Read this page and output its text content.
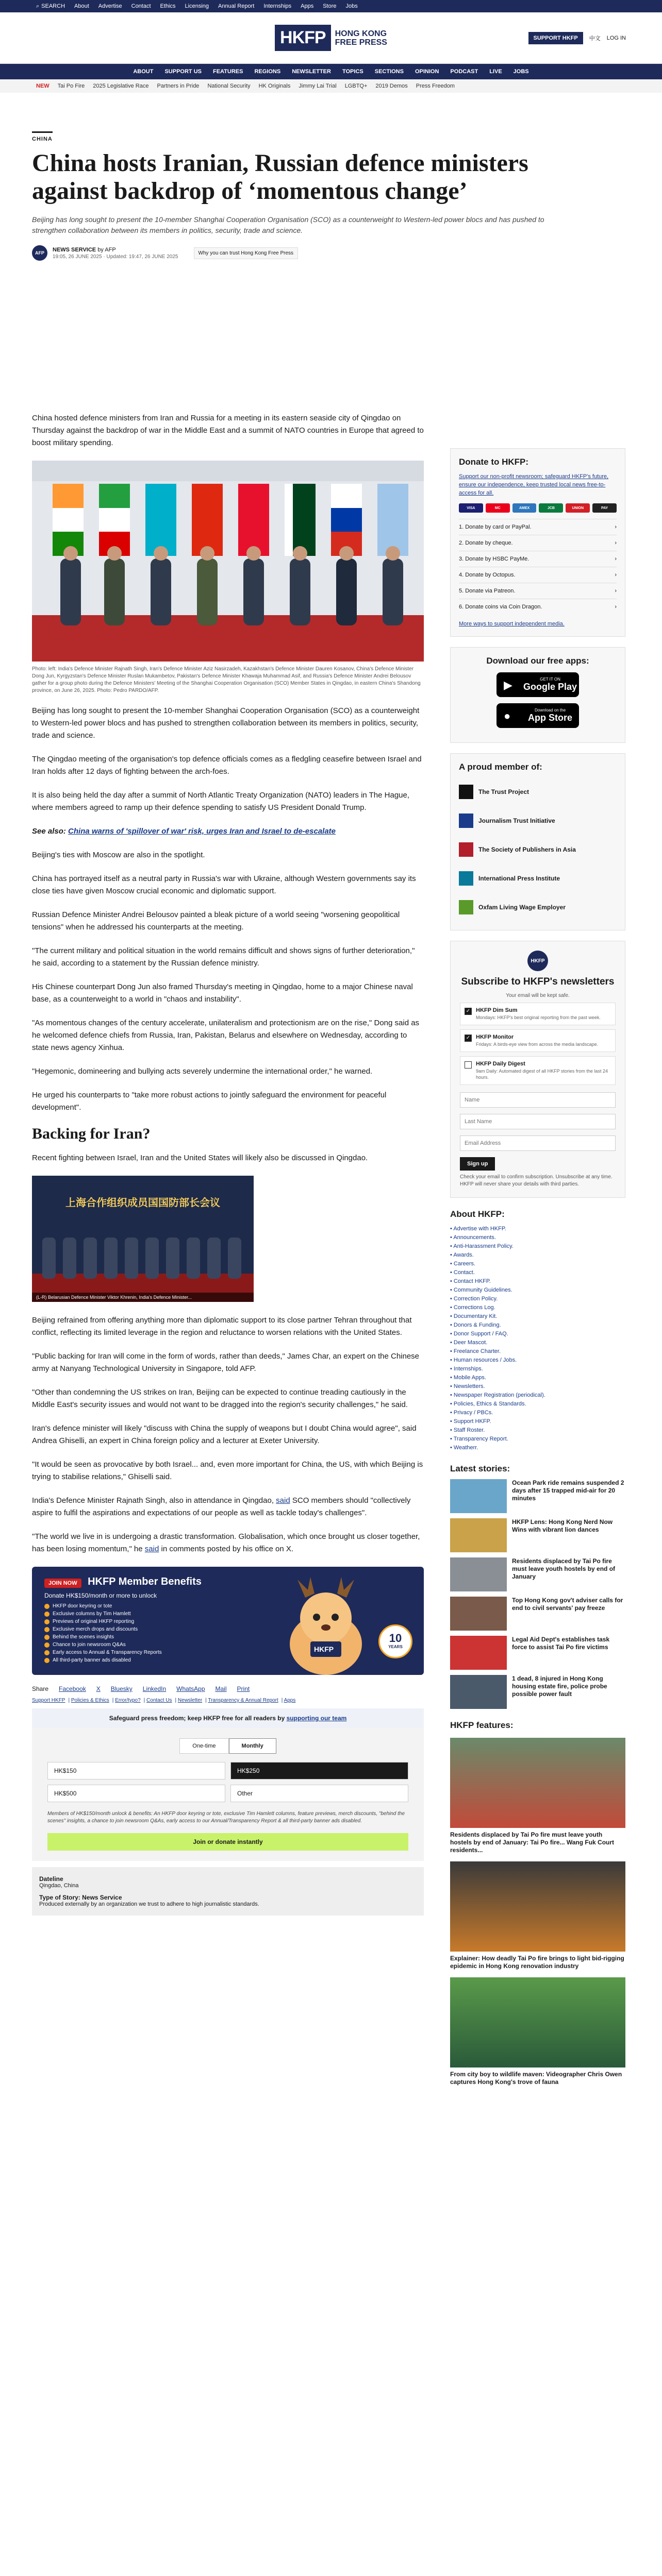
⌕ SEARCH About Advertise Contact Ethics Licensing Annual Report Internships Apps Store Jobs
HKFP	HONG KONG
FREE PRESS	SUPPORT HKFP	中文 LOG IN
ABOUT SUPPORT US FEATURES REGIONS NEWSLETTER TOPICS SECTIONS OPINION PODCAST LIVE JOBS
NEW Tai Po Fire 2025 Legislative Race Partners in Pride National Security HK Originals Jimmy Lai Trial LGBTQ+ 2019 Demos Press Freedom
CHINA
China hosts Iranian, Russian defence ministers against backdrop of ‘momentous change’
Beijing has long sought to present the 10-member Shanghai Cooperation Organisation (SCO) as a counterweight to Western-led power blocs and has pushed to strengthen collaboration between its members in politics, security, trade and science.
AFP
NEWS SERVICE by AFP
19:05, 26 JUNE 2025 · Updated: 19:47, 26 JUNE 2025
Why you can trust Hong Kong Free Press

China hosted defence ministers from Iran and Russia for a meeting in its eastern seaside city of Qingdao on Thursday against the backdrop of war in the Middle East and a summit of NATO countries in Europe that agreed to boost military spending.

Photo: left: India's Defence Minister Rajnath Singh, Iran's Defence Minister Aziz Nasirzadeh, Kazakhstan's Defence Minister Dauren Kosanov, China's Defence Minister Dong Jun, Kyrgyzstan's Defence Minister Ruslan Mukambetov, Pakistan's Defence Minister Khawaja Muhammad Asif, and Russia's Defence Minister Andrei Belousov gather for a group photo during the Defence Ministers' Meeting of the Shanghai Cooperation Organisation (SCO) Member States in Qingdao, in eastern China's Shandong province, on June 26, 2025. Photo: Pedro PARDO/AFP.

Beijing has long sought to present the 10-member Shanghai Cooperation Organisation (SCO) as a counterweight to Western-led power blocs and has pushed to strengthen collaboration between its members in politics, security, trade and science.

The Qingdao meeting of the organisation's top defence officials comes as a fledgling ceasefire between Israel and Iran holds after 12 days of fighting between the arch-foes.

It is also being held the day after a summit of North Atlantic Treaty Organization (NATO) leaders in The Hague, where members agreed to ramp up their defence spending to satisfy US President Donald Trump.

See also: China warns of 'spillover of war' risk, urges Iran and Israel to de-escalate

Beijing's ties with Moscow are also in the spotlight.

China has portrayed itself as a neutral party in Russia's war with Ukraine, although Western governments say its close ties have given Moscow crucial economic and diplomatic support.

Russian Defence Minister Andrei Belousov painted a bleak picture of a world seeing "worsening geopolitical tensions" when he addressed his counterparts at the meeting.

"The current military and political situation in the world remains difficult and shows signs of further deterioration," he said, according to a statement by the Russian defence ministry.

His Chinese counterpart Dong Jun also framed Thursday's meeting in Qingdao, home to a major Chinese naval base, as a counterweight to a world in "chaos and instability".

"As momentous changes of the century accelerate, unilateralism and protectionism are on the rise," Dong said as he welcomed defence chiefs from Russia, Iran, Pakistan, Belarus and elsewhere on Wednesday, according to state news agency Xinhua.

"Hegemonic, domineering and bullying acts severely undermine the international order," he warned.

He urged his counterparts to "take more robust actions to jointly safeguard the environment for peaceful development".

Backing for Iran?

Recent fighting between Israel, Iran and the United States will likely also be discussed in Qingdao.

上海合作组织成员国国防部长会议
(L-R) Belarusian Defence Minister Viktor Khrenin, India's Defence Minister...

Beijing refrained from offering anything more than diplomatic support to its close partner Tehran throughout that conflict, reflecting its limited leverage in the region and reluctance to worsen relations with the United States.

"Public backing for Iran will come in the form of words, rather than deeds," James Char, an expert on the Chinese army at Nanyang Technological University in Singapore, told AFP.

"Other than condemning the US strikes on Iran, Beijing can be expected to continue treading cautiously in the Middle East's security issues and would not want to be dragged into the region's security challenges," he said.

Iran's defence minister will likely "discuss with China the supply of weapons but I doubt China would agree", said Andrea Ghiselli, an expert in China foreign policy and a lecturer at Exeter University.

"It would be seen as provocative by both Israel... and, even more important for China, the US, with which Beijing is trying to stabilise relations," Ghiselli said.

India's Defence Minister Rajnath Singh, also in attendance in Qingdao, said SCO members should "collectively aspire to fulfil the aspirations and expectations of our people as well as tackle today's challenges".

"The world we live in is undergoing a drastic transformation. Globalisation, which once brought us closer together, has been losing momentum," he said in comments posted by his office on X.

JOIN NOW HKFP Member Benefits
Donate HK$150/month or more to unlock
HKFP door keyring or tote
Exclusive columns by Tim Hamlett
Previews of original HKFP reporting
Exclusive merch drops and discounts
Behind the scenes insights
Chance to join newsroom Q&As
Early access to Annual & Transparency Reports
All third-party banner ads disabled
HKFP
10
YEARS
Share Facebook X Bluesky LinkedIn WhatsApp Mail Print
Support HKFP | Policies & Ethics | Error/typo? | Contact Us | Newsletter | Transparency & Annual Report | Apps
Safeguard press freedom; keep HKFP free for all readers by supporting our team
One-time	Monthly
HK$150	HK$250
HK$500	Other
Members of HK$150/month unlock & benefits: An HKFP door keyring or tote, exclusive Tim Hamlett columns, feature previews, merch discounts, "behind the scenes" insights, a chance to join newsroom Q&As, early access to our Annual/Transparency Report & all third-party banner ads disabled.
Join or donate instantly
Dateline
Qingdao, China
Type of Story: News Service
Produced externally by an organization we trust to adhere to high journalistic standards.
Donate to HKFP:
Support our non-profit newsroom; safeguard HKFP's future, ensure our independence, keep trusted local news free-to-access for all.
VISA	MC	AMEX	JCB	UNION	PAY
1. Donate by card or PayPal.	›
2. Donate by cheque.	›
3. Donate by HSBC PayMe.	›
4. Donate by Octopus.	›
5. Donate via Patreon.	›
6. Donate coins via Coin Dragon.	›
More ways to support independent media.
Download our free apps:
▶	GET IT ON
Google Play
●	Download on the
App Store
A proud member of:
The Trust Project
Journalism Trust Initiative
The Society of Publishers in Asia
International Press Institute
Oxfam Living Wage Employer
HKFP
Subscribe to HKFP's newsletters
Your email will be kept safe.
✓ HKFP Dim Sum
Mondays: HKFP's best original reporting from the past week.
✓ HKFP Monitor
Fridays: A birds-eye view from across the media landscape.
HKFP Daily Digest
9am Daily: Automated digest of all HKFP stories from the last 24 hours.
Name Last Name Email Address Sign up
Check your email to confirm subscription. Unsubscribe at any time. HKFP will never share your details with third parties.
About HKFP:
• Advertise with HKFP.
• Announcements.
• Anti-Harassment Policy.
• Awards.
• Careers.
• Contact.
• Contact HKFP.
• Community Guidelines.
• Correction Policy.
• Corrections Log.
• Documentary Kit.
• Donors & Funding.
• Donor Support / FAQ.
• Deer Mascot.
• Freelance Charter.
• Human resources / Jobs.
• Internships.
• Mobile Apps.
• Newsletters.
• Newspaper Registration (periodical).
• Policies, Ethics & Standards.
• Privacy / PBCs.
• Support HKFP.
• Staff Roster.
• Transparency Report.
• Weatherr.
Latest stories:
Ocean Park ride remains suspended 2 days after 15 trapped mid-air for 20 minutes
HKFP Lens: Hong Kong Nerd Now Wins with vibrant lion dances
Residents displaced by Tai Po fire must leave youth hostels by end of January
Top Hong Kong gov't adviser calls for end to civil servants' pay freeze
Legal Aid Dept's establishes task force to assist Tai Po fire victims
1 dead, 8 injured in Hong Kong housing estate fire, police probe possible power fault
HKFP features:
Residents displaced by Tai Po fire must leave youth hostels by end of January: Tai Po fire... Wang Fuk Court residents...
Explainer: How deadly Tai Po fire brings to light bid-rigging epidemic in Hong Kong renovation industry
From city boy to wildlife maven: Videographer Chris Owen captures Hong Kong's trove of fauna
